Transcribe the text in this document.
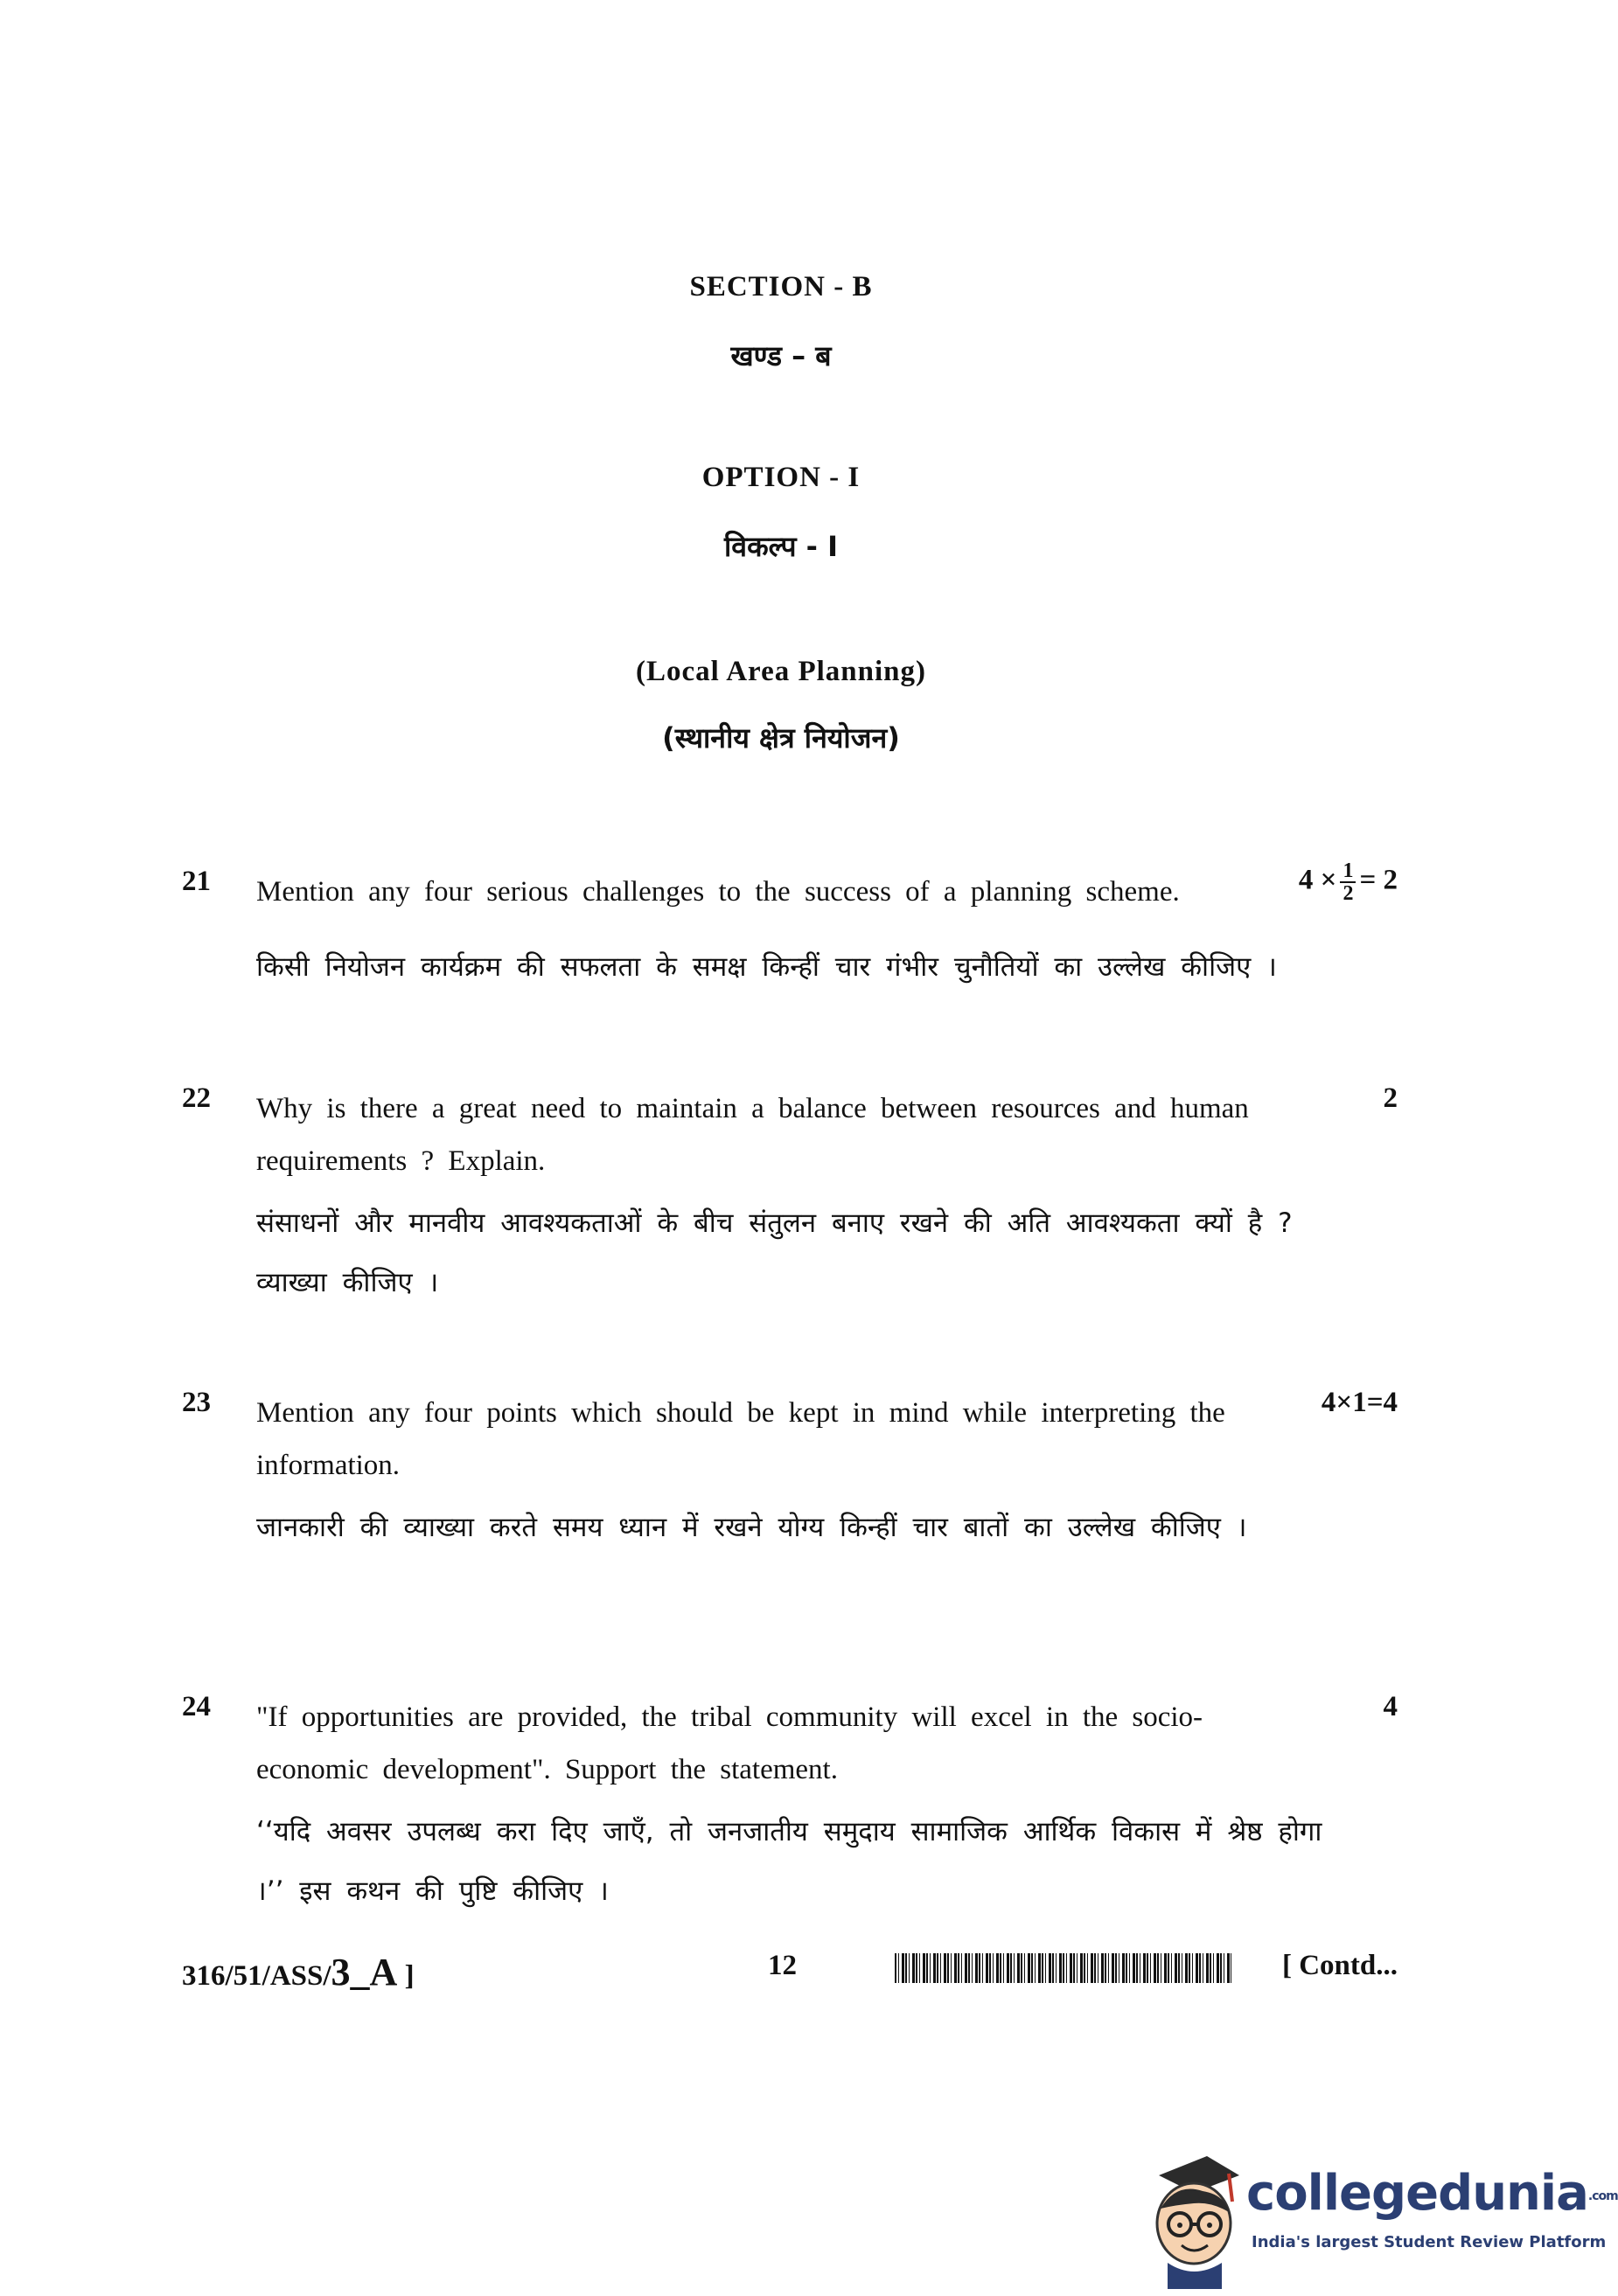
SECTION - B
खण्ड – ब
OPTION - I
विकल्प - I
(Local Area Planning)
(स्थानीय क्षेत्र नियोजन)
21 Mention any four serious challenges to the success of a planning scheme.	$4 \times \frac{1}{2} = 2$
किसी नियोजन कार्यक्रम की सफलता के समक्ष किन्हीं चार गंभीर चुनौतियों का उल्लेख कीजिए ।
22 Why is there a great need to maintain a balance between resources and human requirements ? Explain.
2
संसाधनों और मानवीय आवश्यकताओं के बीच संतुलन बनाए रखने की अति आवश्यकता क्यों है ? व्याख्या कीजिए ।
23 Mention any four points which should be kept in mind while interpreting the information.
4×1=4
जानकारी की व्याख्या करते समय ध्यान में रखने योग्य किन्हीं चार बातों का उल्लेख कीजिए ।
24 "If opportunities are provided, the tribal community will excel in the socio-economic development". Support the statement.
4
‘‘यदि अवसर उपलब्ध करा दिए जाएँ, तो जनजातीय समुदाय सामाजिक आर्थिक विकास में श्रेष्ठ होगा ।’’ इस कथन की पुष्टि कीजिए ।
316/51/ASS/3_A ]	12	[ Contd...
collegedunia.com
India's largest Student Review Platform
